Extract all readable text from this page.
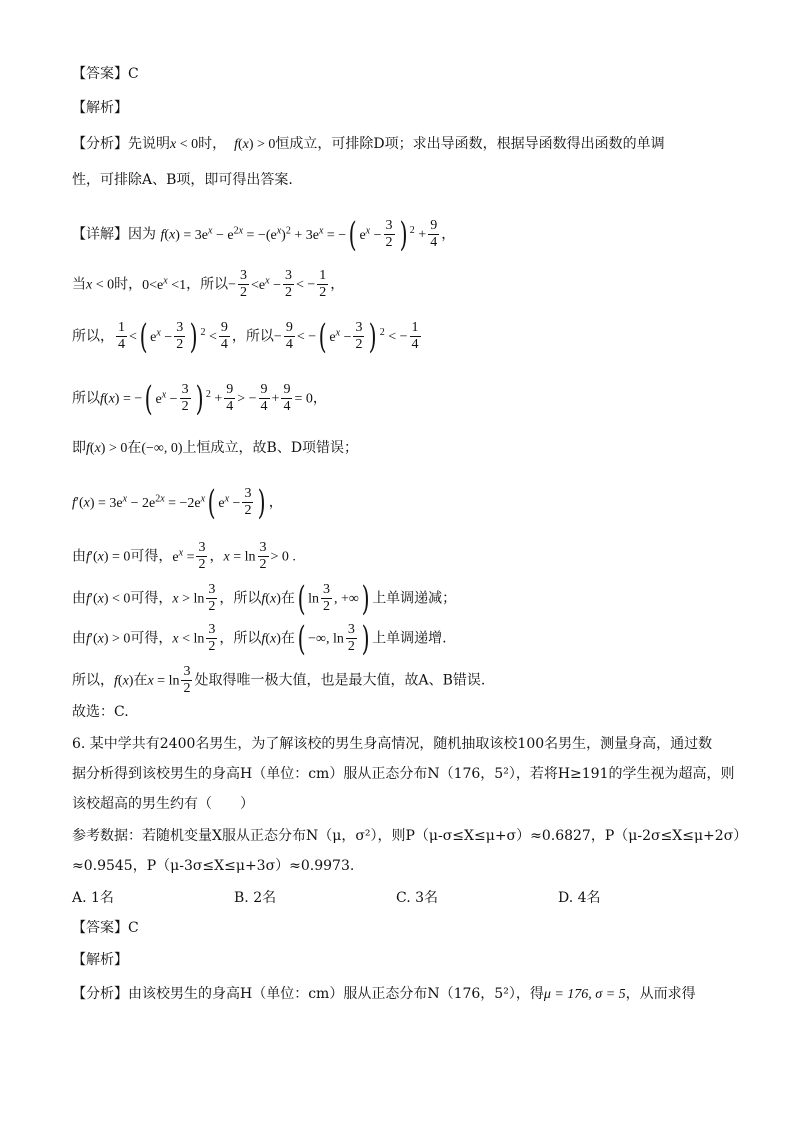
【答案】C
【解析】
【分析】先说明x < 0时，  f(x) > 0恒成立，可排除D项；求出导函数，根据导函数得出函数的单调
性，可排除A、B项，即可得出答案.
【详解】因为 $f(x) = 3e^x - e^{2x} = -(e^x)^2 + 3e^x$ = −( $e^x - \frac{3}{2}$ ) $^2 + \frac{9}{4}$ ，
当x < 0时，$0<e^x <1$，所以− $\frac{3}{2} <e^x - \frac{3}{2}$ < − $\frac{1}{2}$ ，
所以， $\frac{1}{4}$ <( $e^x - \frac{3}{2}$ ) $^2 < \frac{9}{4}$ ，所以− $\frac{9}{4}$ < −( $e^x - \frac{3}{2}$ ) $^2$ < − $\frac{1}{4}$
所以f(x) = −( $e^x - \frac{3}{2}$ ) $^2 + \frac{9}{4}$ > − $\frac{9}{4} + \frac{9}{4} = 0$，
即f(x) > 0在(−∞, 0)上恒成立，故B、D项错误；
$f'(x) = 3e^x - 2e^{2x} = -2e^x$( $e^x - \frac{3}{2}$ ) ，
由f′(x) = 0可得，$e^x = \frac{3}{2}$ ，$x = \ln \frac{3}{2} > 0$ .
由f′(x) < 0可得，$x > \ln \frac{3}{2}$ ，所以f(x)在( $\ln \frac{3}{2}$ , +∞) 上单调递减；
由f′(x) > 0可得，$x < \ln \frac{3}{2}$ ，所以f(x)在( −∞, $\ln \frac{3}{2}$ ) 上单调递增.
所以，f(x)在$x = \ln \frac{3}{2}$ 处取得唯一极大值，也是最大值，故A、B错误.
故选：C.
6. 某中学共有2400名男生，为了解该校的男生身高情况，随机抽取该校100名男生，测量身高，通过数
据分析得到该校男生的身高H（单位：cm）服从正态分布N（176，5²），若将H≥191的学生视为超高，则
该校超高的男生约有（　　）
参考数据：若随机变量X服从正态分布N（μ，σ²），则P（μ-σ≤X≤μ+σ）≈0.6827，P（μ-2σ≤X≤μ+2σ）
≈0.9545，P（μ-3σ≤X≤μ+3σ）≈0.9973.
A. 1名	B. 2名	C. 3名	D. 4名
【答案】C
【解析】
【分析】由该校男生的身高H（单位：cm）服从正态分布N（176，5²），得μ = 176, σ = 5，从而求得
